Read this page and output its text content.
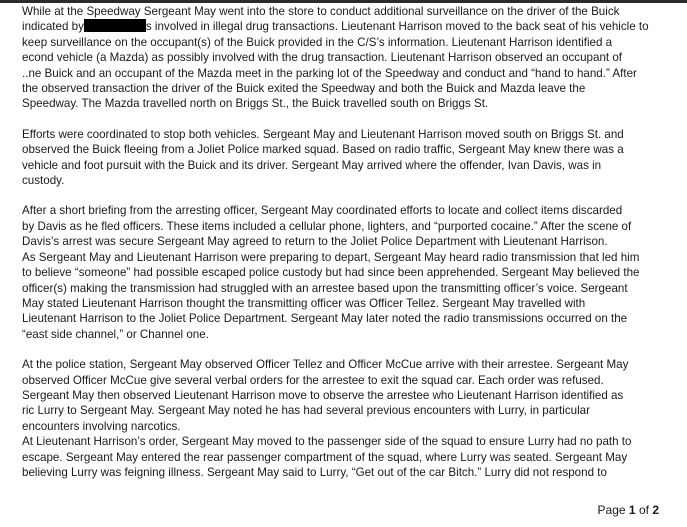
While at the Speedway Sergeant May went into the store to conduct additional surveillance on the driver of the Buick
indicated by	s involved in illegal drug transactions. Lieutenant Harrison moved to the back seat of his vehicle to
keep surveillance on the occupant(s) of the Buick provided in the C/S’s information. Lieutenant Harrison identified a
econd vehicle (a Mazda) as possibly involved with the drug transaction. Lieutenant Harrison observed an occupant of
..ne Buick and an occupant of the Mazda meet in the parking lot of the Speedway and conduct and “hand to hand.” After
the observed transaction the driver of the Buick exited the Speedway and both the Buick and Mazda leave the
Speedway. The Mazda travelled north on Briggs St., the Buick travelled south on Briggs St.
Efforts were coordinated to stop both vehicles. Sergeant May and Lieutenant Harrison moved south on Briggs St. and
observed the Buick fleeing from a Joliet Police marked squad. Based on radio traffic, Sergeant May knew there was a
vehicle and foot pursuit with the Buick and its driver. Sergeant May arrived where the offender, Ivan Davis, was in
custody.
After a short briefing from the arresting officer, Sergeant May coordinated efforts to locate and collect items discarded
by Davis as he fled officers. These items included a cellular phone, lighters, and “purported cocaine.” After the scene of
Davis’s arrest was secure Sergeant May agreed to return to the Joliet Police Department with Lieutenant Harrison.
As Sergeant May and Lieutenant Harrison were preparing to depart, Sergeant May heard radio transmission that led him
to believe “someone” had possible escaped police custody but had since been apprehended. Sergeant May believed the
officer(s) making the transmission had struggled with an arrestee based upon the transmitting officer’s voice. Sergeant
May stated Lieutenant Harrison thought the transmitting officer was Officer Tellez. Sergeant May travelled with
Lieutenant Harrison to the Joliet Police Department. Sergeant May later noted the radio transmissions occurred on the
“east side channel,” or Channel one.
At the police station, Sergeant May observed Officer Tellez and Officer McCue arrive with their arrestee. Sergeant May
observed Officer McCue give several verbal orders for the arrestee to exit the squad car. Each order was refused.
Sergeant May then observed Lieutenant Harrison move to observe the arrestee who Lieutenant Harrison identified as
ric Lurry to Sergeant May. Sergeant May noted he has had several previous encounters with Lurry, in particular
encounters involving narcotics.
At Lieutenant Harrison’s order, Sergeant May moved to the passenger side of the squad to ensure Lurry had no path to
escape. Sergeant May entered the rear passenger compartment of the squad, where Lurry was seated. Sergeant May
believing Lurry was feigning illness. Sergeant May said to Lurry, “Get out of the car Bitch.” Lurry did not respond to
Page 1 of 2
